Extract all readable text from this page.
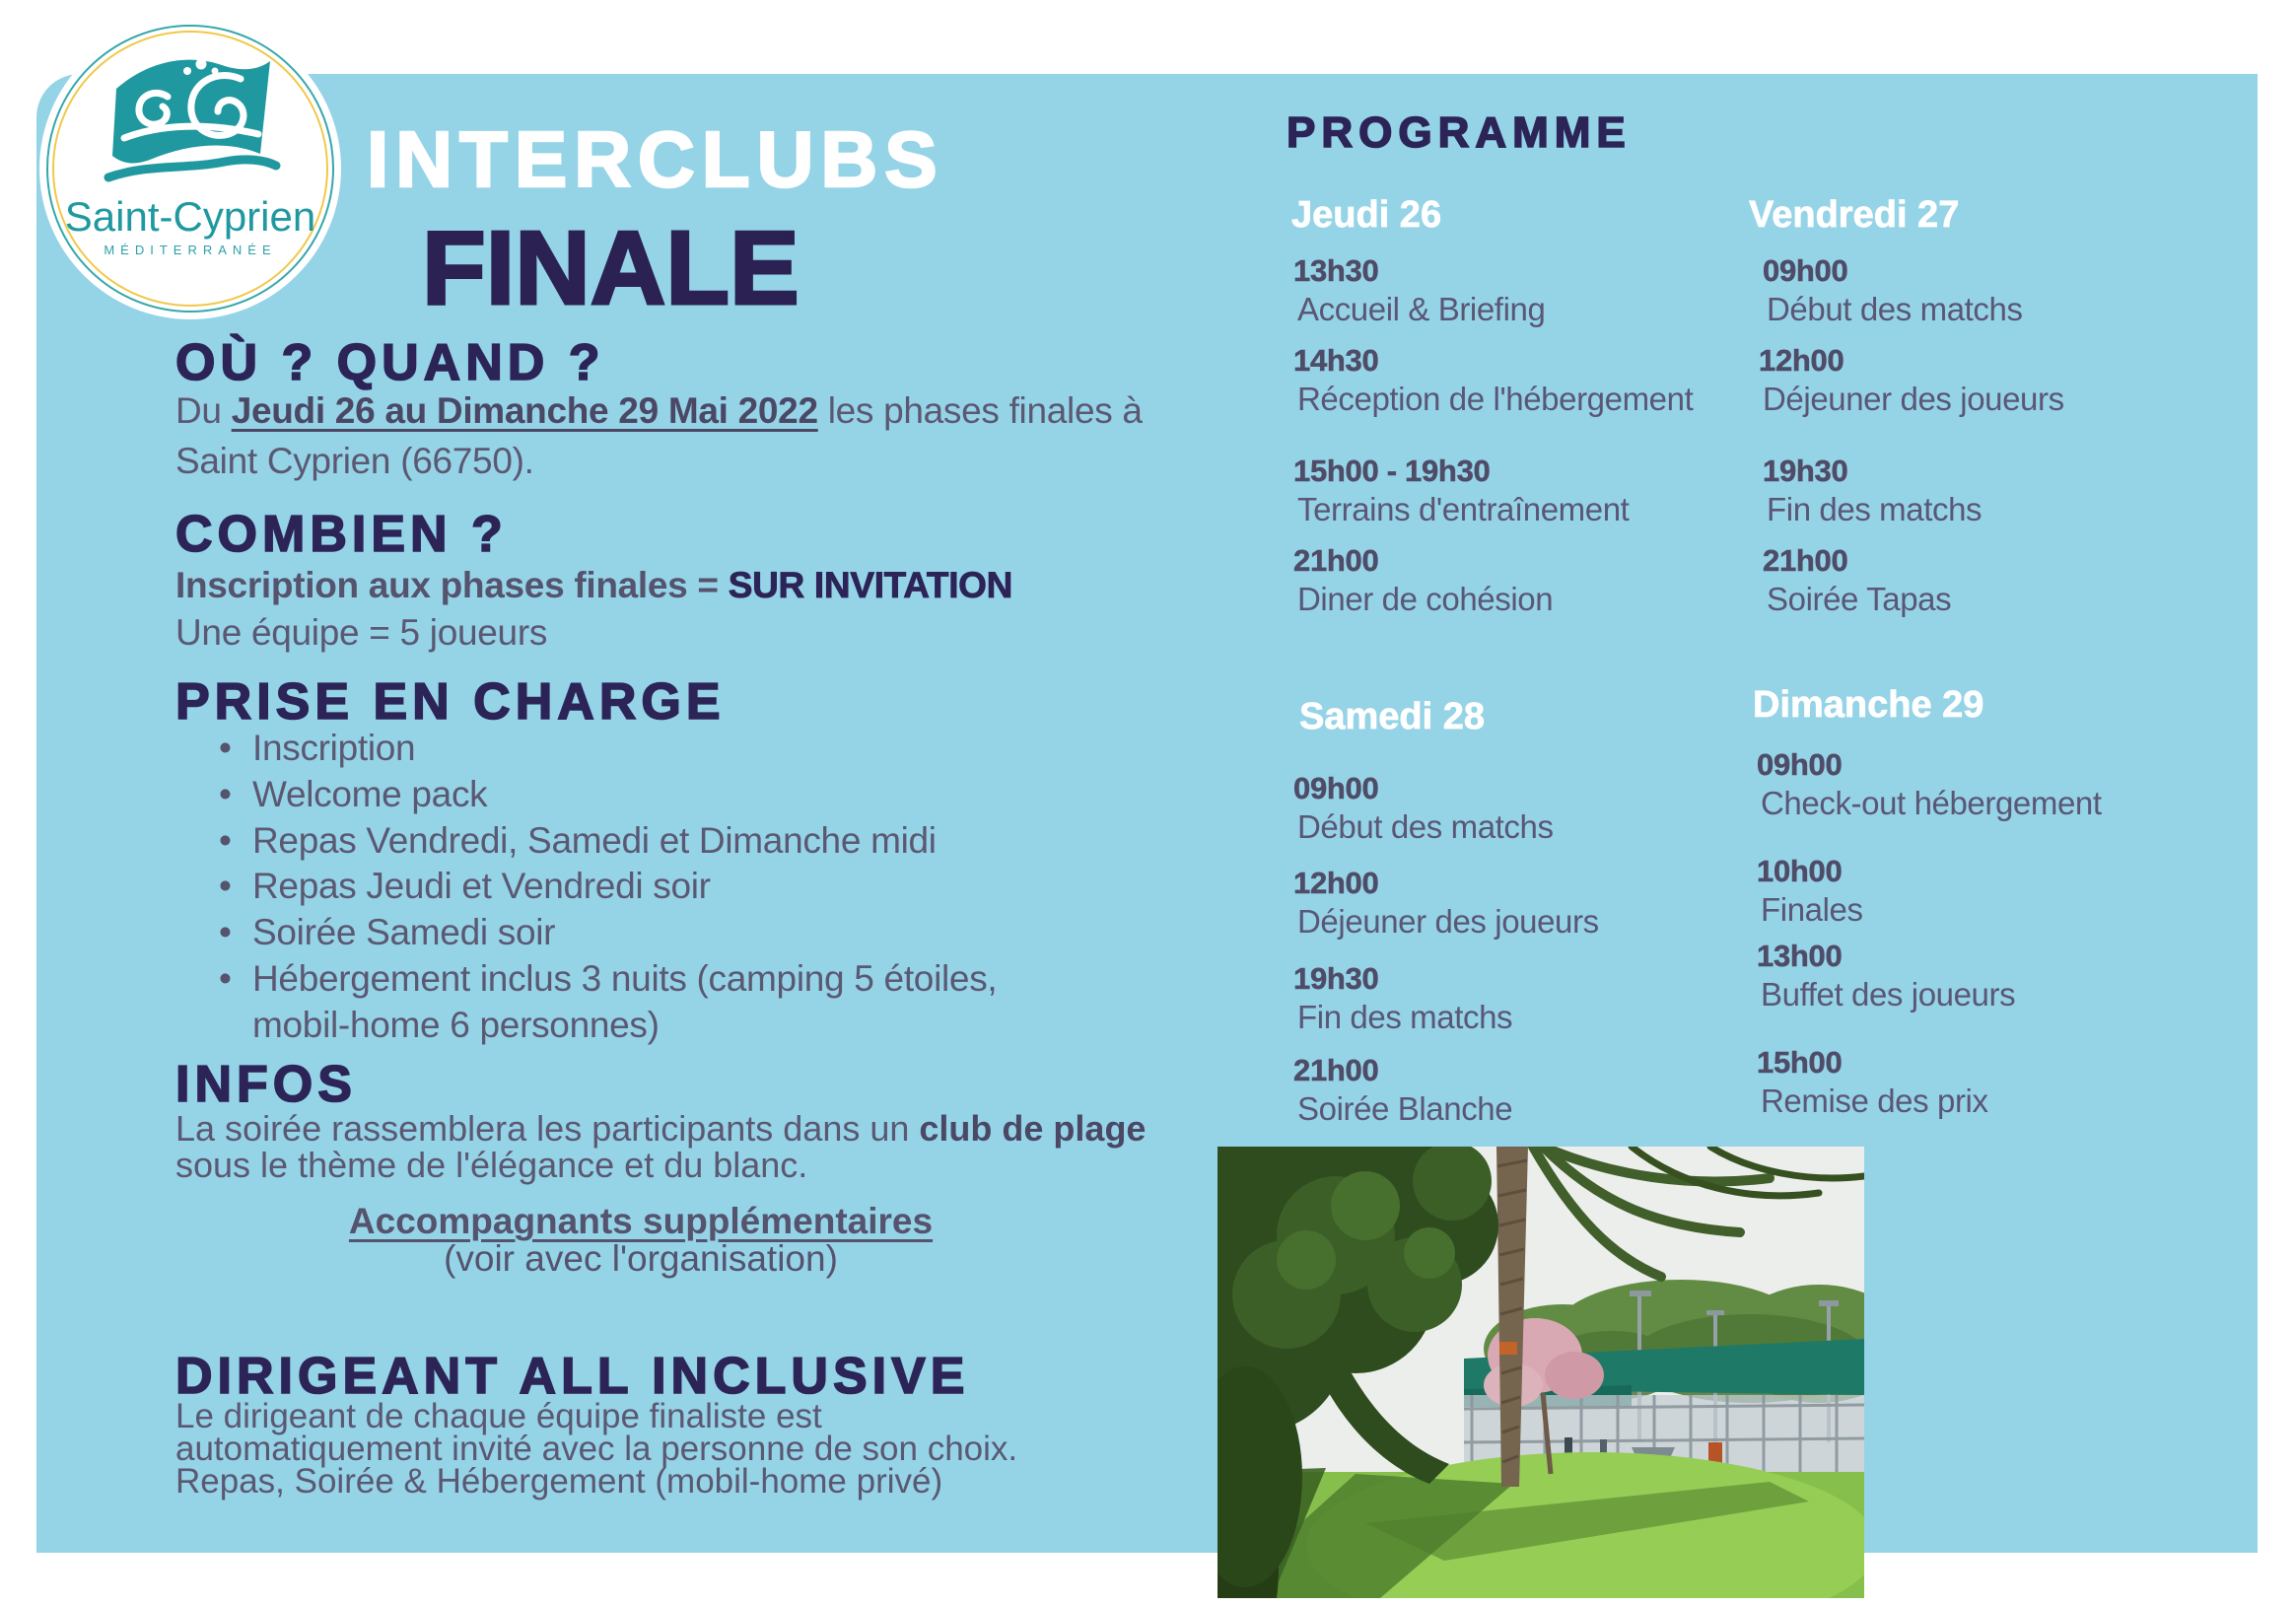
Saint-Cyprien
MÉDITERRANÉE
INTERCLUBS
FINALE
OÙ ? QUAND ?
Du Jeudi 26 au Dimanche 29 Mai 2022 les phases finales à
Saint Cyprien (66750).
COMBIEN ?
Inscription aux phases finales = SUR INVITATION
Une équipe = 5 joueurs
PRISE EN CHARGE
• Inscription
• Welcome pack
• Repas Vendredi, Samedi et Dimanche midi
• Repas Jeudi et Vendredi soir
• Soirée Samedi soir
• Hébergement inclus 3 nuits (camping 5 étoiles, mobil-home 6 personnes)
INFOS
La soirée rassemblera les participants dans un club de plage
sous le thème de l'élégance et du blanc.
Accompagnants supplémentaires
(voir avec l'organisation)
DIRIGEANT ALL INCLUSIVE
Le dirigeant de chaque équipe finaliste est
automatiquement invité avec la personne de son choix.
Repas, Soirée & Hébergement (mobil-home privé)
PROGRAMME
Jeudi 26
13h30
Accueil & Briefing
14h30
Réception de l'hébergement
15h00 - 19h30
Terrains d'entraînement
21h00
Diner de cohésion
Vendredi 27
09h00
Début des matchs
12h00
Déjeuner des joueurs
19h30
Fin des matchs
21h00
Soirée Tapas
Samedi 28
09h00
Début des matchs
12h00
Déjeuner des joueurs
19h30
Fin des matchs
21h00
Soirée Blanche
Dimanche 29
09h00
Check-out hébergement
10h00
Finales
13h00
Buffet des joueurs
15h00
Remise des prix
